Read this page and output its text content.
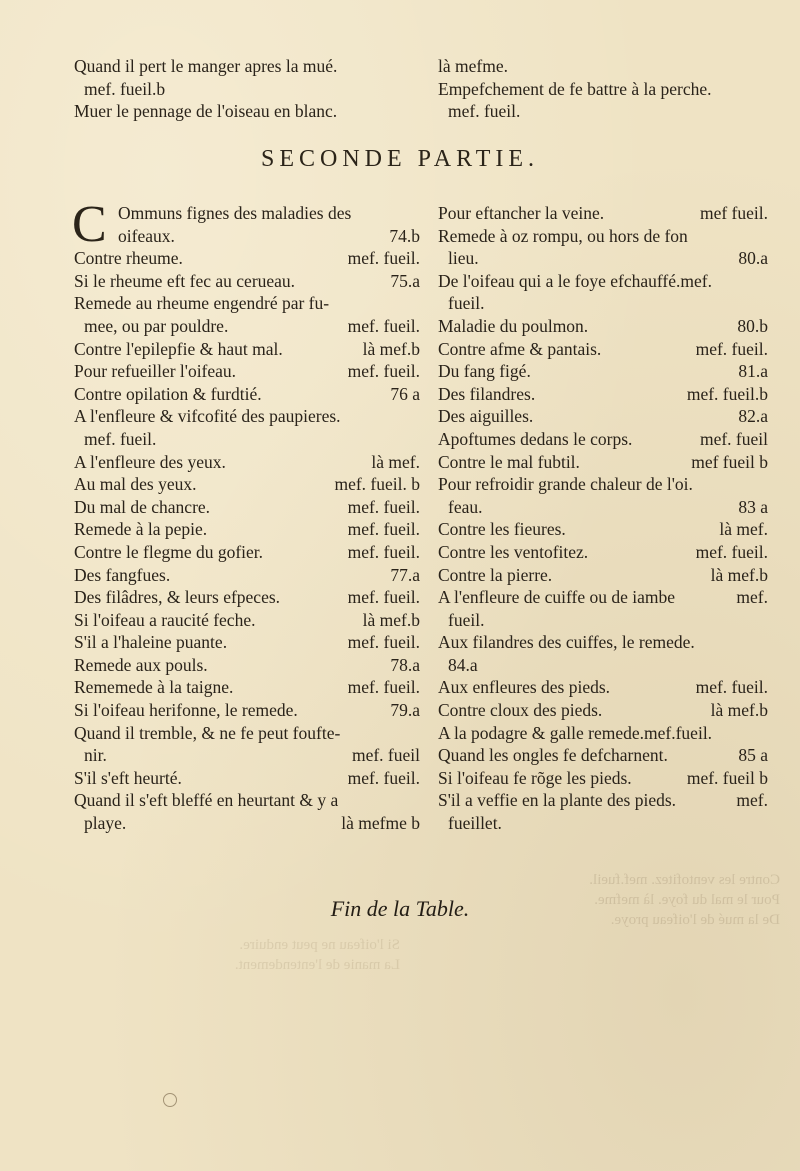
Quand il pert le manger apres la mué.
mef. fueil.b
Muer le pennage de l'oiseau en blanc.
là mefme.
Empefchement de fe battre à la perche.
mef. fueil.
SECONDE PARTIE.
C Ommuns fignes des maladies des
oifeaux.	74.b
Contre rheume.	mef. fueil.
Si le rheume eft fec au cerueau.	75.a
Remede au rheume engendré par fu-
mee, ou par pouldre.	mef. fueil.
Contre l'epilepfie & haut mal.	là mef.b
Pour refueiller l'oifeau.	mef. fueil.
Contre opilation & furdtié.	76 a
A l'enfleure & vifcofité des paupieres.
mef. fueil.
A l'enfleure des yeux.	là mef.
Au mal des yeux.	mef. fueil. b
Du mal de chancre.	mef. fueil.
Remede à la pepie.	mef. fueil.
Contre le flegme du gofier.	mef. fueil.
Des fangfues.	77.a
Des filâdres, & leurs efpeces.	mef. fueil.
Si l'oifeau a raucité feche.	là mef.b
S'il a l'haleine puante.	mef. fueil.
Remede aux pouls.	78.a
Rememede à la taigne.	mef. fueil.
Si l'oifeau herifonne, le remede.	79.a
Quand il tremble, & ne fe peut foufte-
nir.	mef. fueil
S'il s'eft heurté.	mef. fueil.
Quand il s'eft bleffé en heurtant & y a
playe.	là mefme b
Pour eftancher la veine.	mef fueil.
Remede à oz rompu, ou hors de fon
lieu.	80.a
De l'oifeau qui a le foye efchauffé.mef.
fueil.
Maladie du poulmon.	80.b
Contre afme & pantais.	mef. fueil.
Du fang figé.	81.a
Des filandres.	mef. fueil.b
Des aiguilles.	82.a
Apoftumes dedans le corps.	mef. fueil
Contre le mal fubtil.	mef fueil b
Pour refroidir grande chaleur de l'oi.
feau.	83 a
Contre les fieures.	là mef.
Contre les ventofitez.	mef. fueil.
Contre la pierre.	là mef.b
A l'enfleure de cuiffe ou de iambe	mef.
fueil.
Aux filandres des cuiffes, le remede.
84.a
Aux enfleures des pieds.	mef. fueil.
Contre cloux des pieds.	là mef.b
A la podagre & galle remede.mef.fueil.
Quand les ongles fe defcharnent.	85 a
Si l'oifeau fe rõge les pieds.	mef. fueil b
S'il a veffie en la plante des pieds.	mef.
fueillet.
Fin de la Table.
Contre les ventofitez. mef.fueil.
Pour le mal du foye. là mefme.
De la mué de l'oifeau proye.
Si l'oifeau ne peut enduire.
La manie de l'entendement.
